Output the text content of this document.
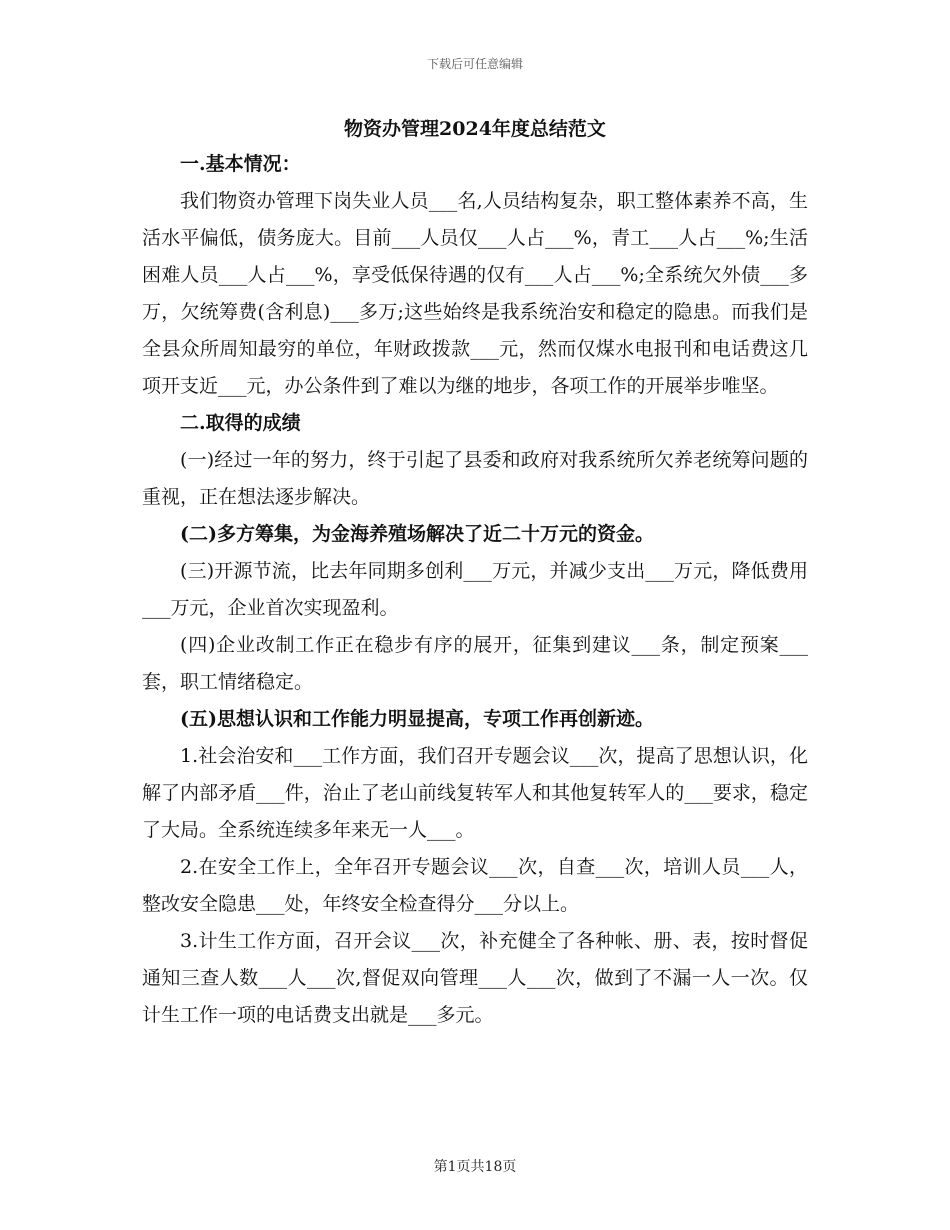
下载后可任意编辑
物资办管理2024年度总结范文

一.基本情况：

我们物资办管理下岗失业人员___名,人员结构复杂，职工整体素养不高，生活水平偏低，债务庞大。目前___人员仅___人占___%，青工___人占___%;生活困难人员___人占___%，享受低保待遇的仅有___人占___%;全系统欠外债___多万，欠统筹费(含利息)___多万;这些始终是我系统治安和稳定的隐患。而我们是全县众所周知最穷的单位，年财政拨款___元，然而仅煤水电报刊和电话费这几项开支近___元，办公条件到了难以为继的地步，各项工作的开展举步唯坚。

二.取得的成绩

(一)经过一年的努力，终于引起了县委和政府对我系统所欠养老统筹问题的重视，正在想法逐步解决。

(二)多方筹集，为金海养殖场解决了近二十万元的资金。

(三)开源节流，比去年同期多创利___万元，并减少支出___万元，降低费用___万元，企业首次实现盈利。

(四)企业改制工作正在稳步有序的展开，征集到建议___条，制定预案___套，职工情绪稳定。

(五)思想认识和工作能力明显提高，专项工作再创新迹。

1.社会治安和___工作方面，我们召开专题会议___次，提高了思想认识，化解了内部矛盾___件，治止了老山前线复转军人和其他复转军人的___要求，稳定了大局。全系统连续多年来无一人___。

2.在安全工作上，全年召开专题会议___次，自查___次，培训人员___人，整改安全隐患___处，年终安全检查得分___分以上。

3.计生工作方面，召开会议___次，补充健全了各种帐、册、表，按时督促通知三查人数___人___次,督促双向管理___人___次，做到了不漏一人一次。仅计生工作一项的电话费支出就是___多元。

第1页共18页
